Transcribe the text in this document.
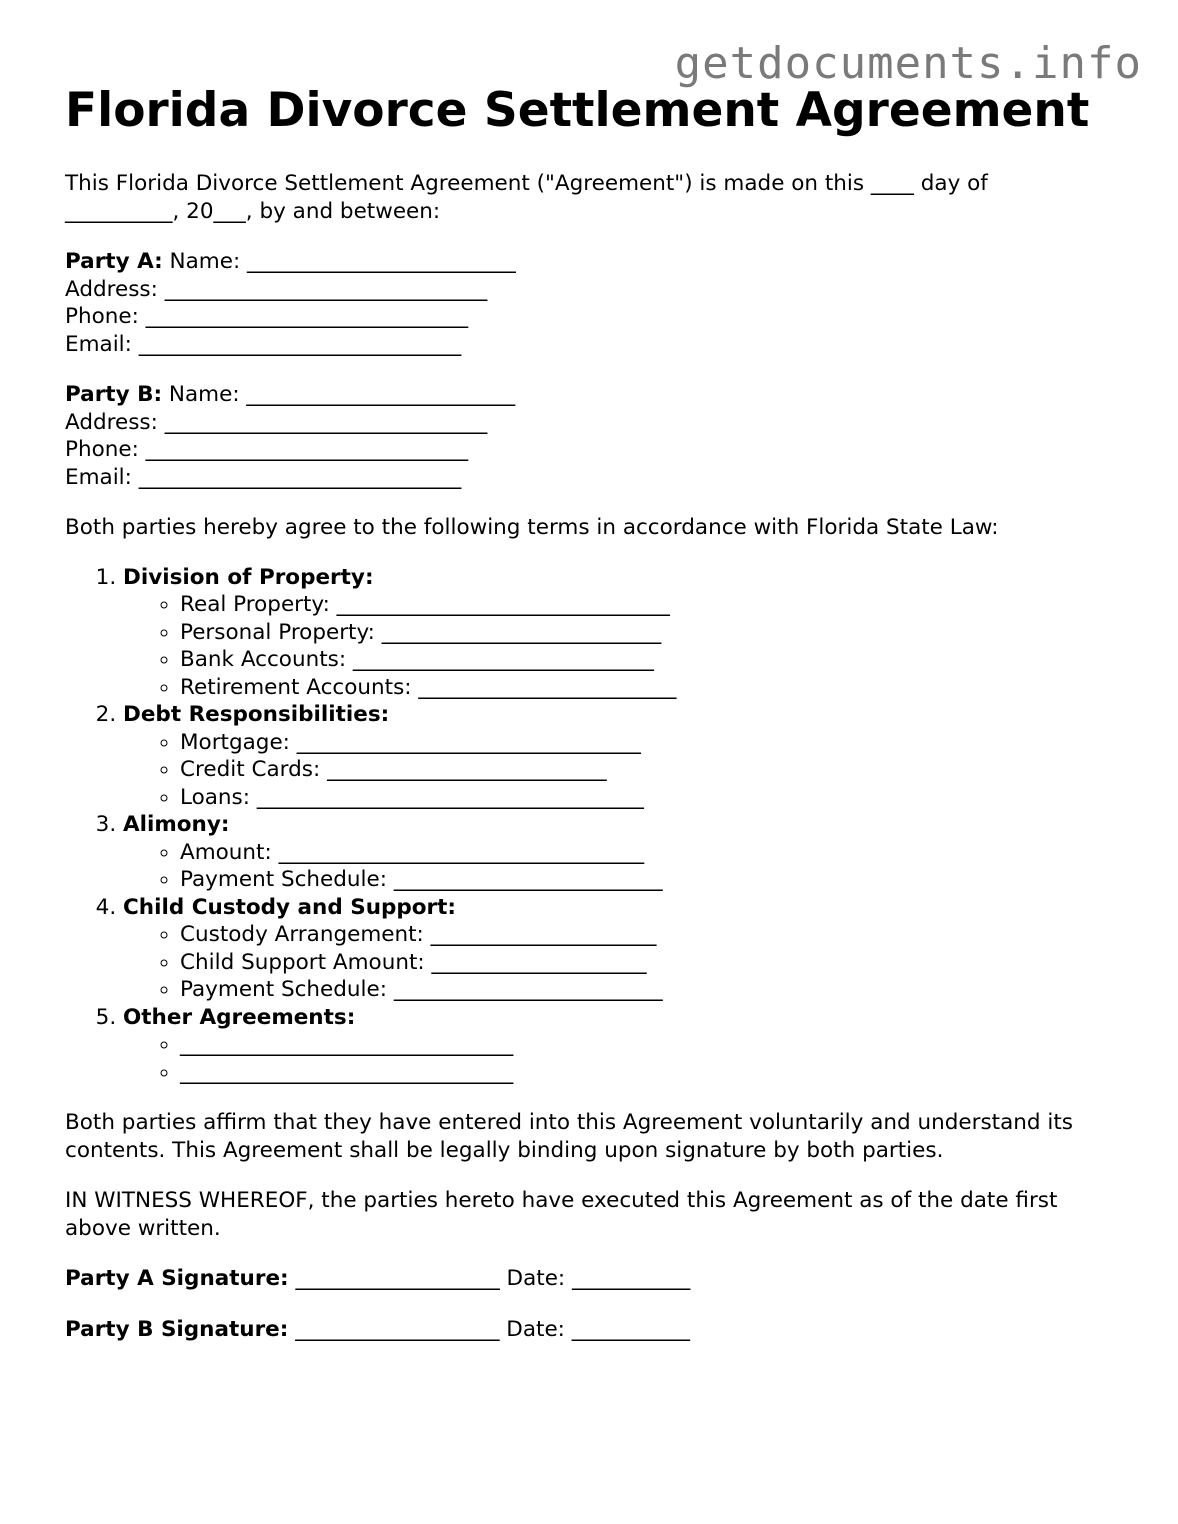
getdocuments.info
Florida Divorce Settlement Agreement

This Florida Divorce Settlement Agreement ("Agreement") is made on this ____ day of __________, 20___, by and between:

Party A: Name: _________________________
Address: ______________________________
Phone: ______________________________
Email: ______________________________
Party B: Name: _________________________
Address: ______________________________
Phone: ______________________________
Email: ______________________________

Both parties hereby agree to the following terms in accordance with Florida State Law:

1. Division of Property:
◦ Real Property: _______________________________
◦ Personal Property: __________________________
◦ Bank Accounts: ____________________________
◦ Retirement Accounts: ________________________
2. Debt Responsibilities:
◦ Mortgage: ________________________________
◦ Credit Cards: __________________________
◦ Loans: ____________________________________
3. Alimony:
◦ Amount: __________________________________
◦ Payment Schedule: _________________________
4. Child Custody and Support:
◦ Custody Arrangement: _____________________
◦ Child Support Amount: ____________________
◦ Payment Schedule: _________________________
5. Other Agreements:
◦ _______________________________
◦ _______________________________

Both parties affirm that they have entered into this Agreement voluntarily and understand its contents. This Agreement shall be legally binding upon signature by both parties.

IN WITNESS WHEREOF, the parties hereto have executed this Agreement as of the date first above written.

Party A Signature: ___________________ Date: ___________
Party B Signature: ___________________ Date: ___________
